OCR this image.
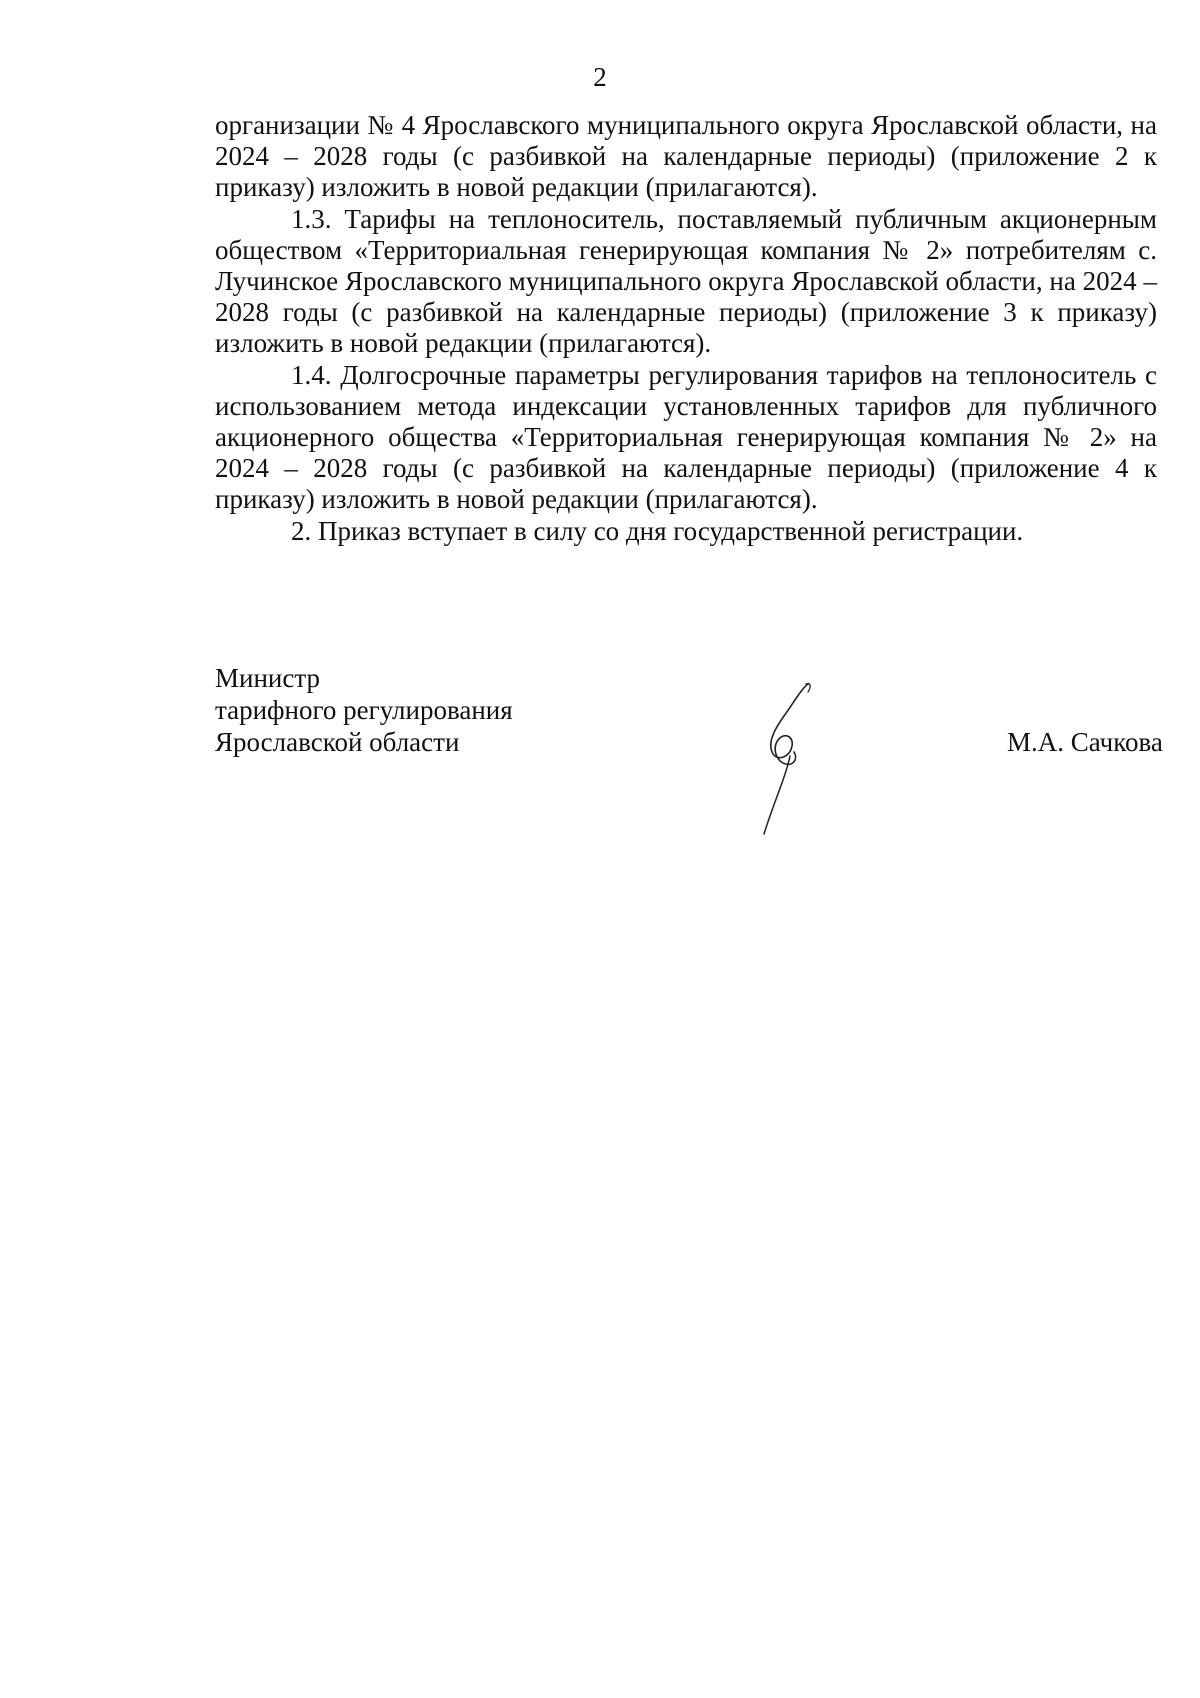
2

организации № 4 Ярославского муниципального округа Ярославской области, на 2024 – 2028 годы (с разбивкой на календарные периоды) (приложение 2 к приказу) изложить в новой редакции (прилагаются).

1.3. Тарифы на теплоноситель, поставляемый публичным акционерным обществом «Территориальная генерирующая компания № 2» потребителям с. Лучинское Ярославского муниципального округа Ярославской области, на 2024 – 2028 годы (с разбивкой на календарные периоды) (приложение 3 к приказу) изложить в новой редакции (прилагаются).

1.4. Долгосрочные параметры регулирования тарифов на теплоноситель с использованием метода индексации установленных тарифов для публичного акционерного общества «Территориальная генерирующая компания № 2» на 2024 – 2028 годы (с разбивкой на календарные периоды) (приложение 4 к приказу) изложить в новой редакции (прилагаются).

2. Приказ вступает в силу со дня государственной регистрации.

Министр
тарифного регулирования
Ярославской области	М.А. Сачкова
